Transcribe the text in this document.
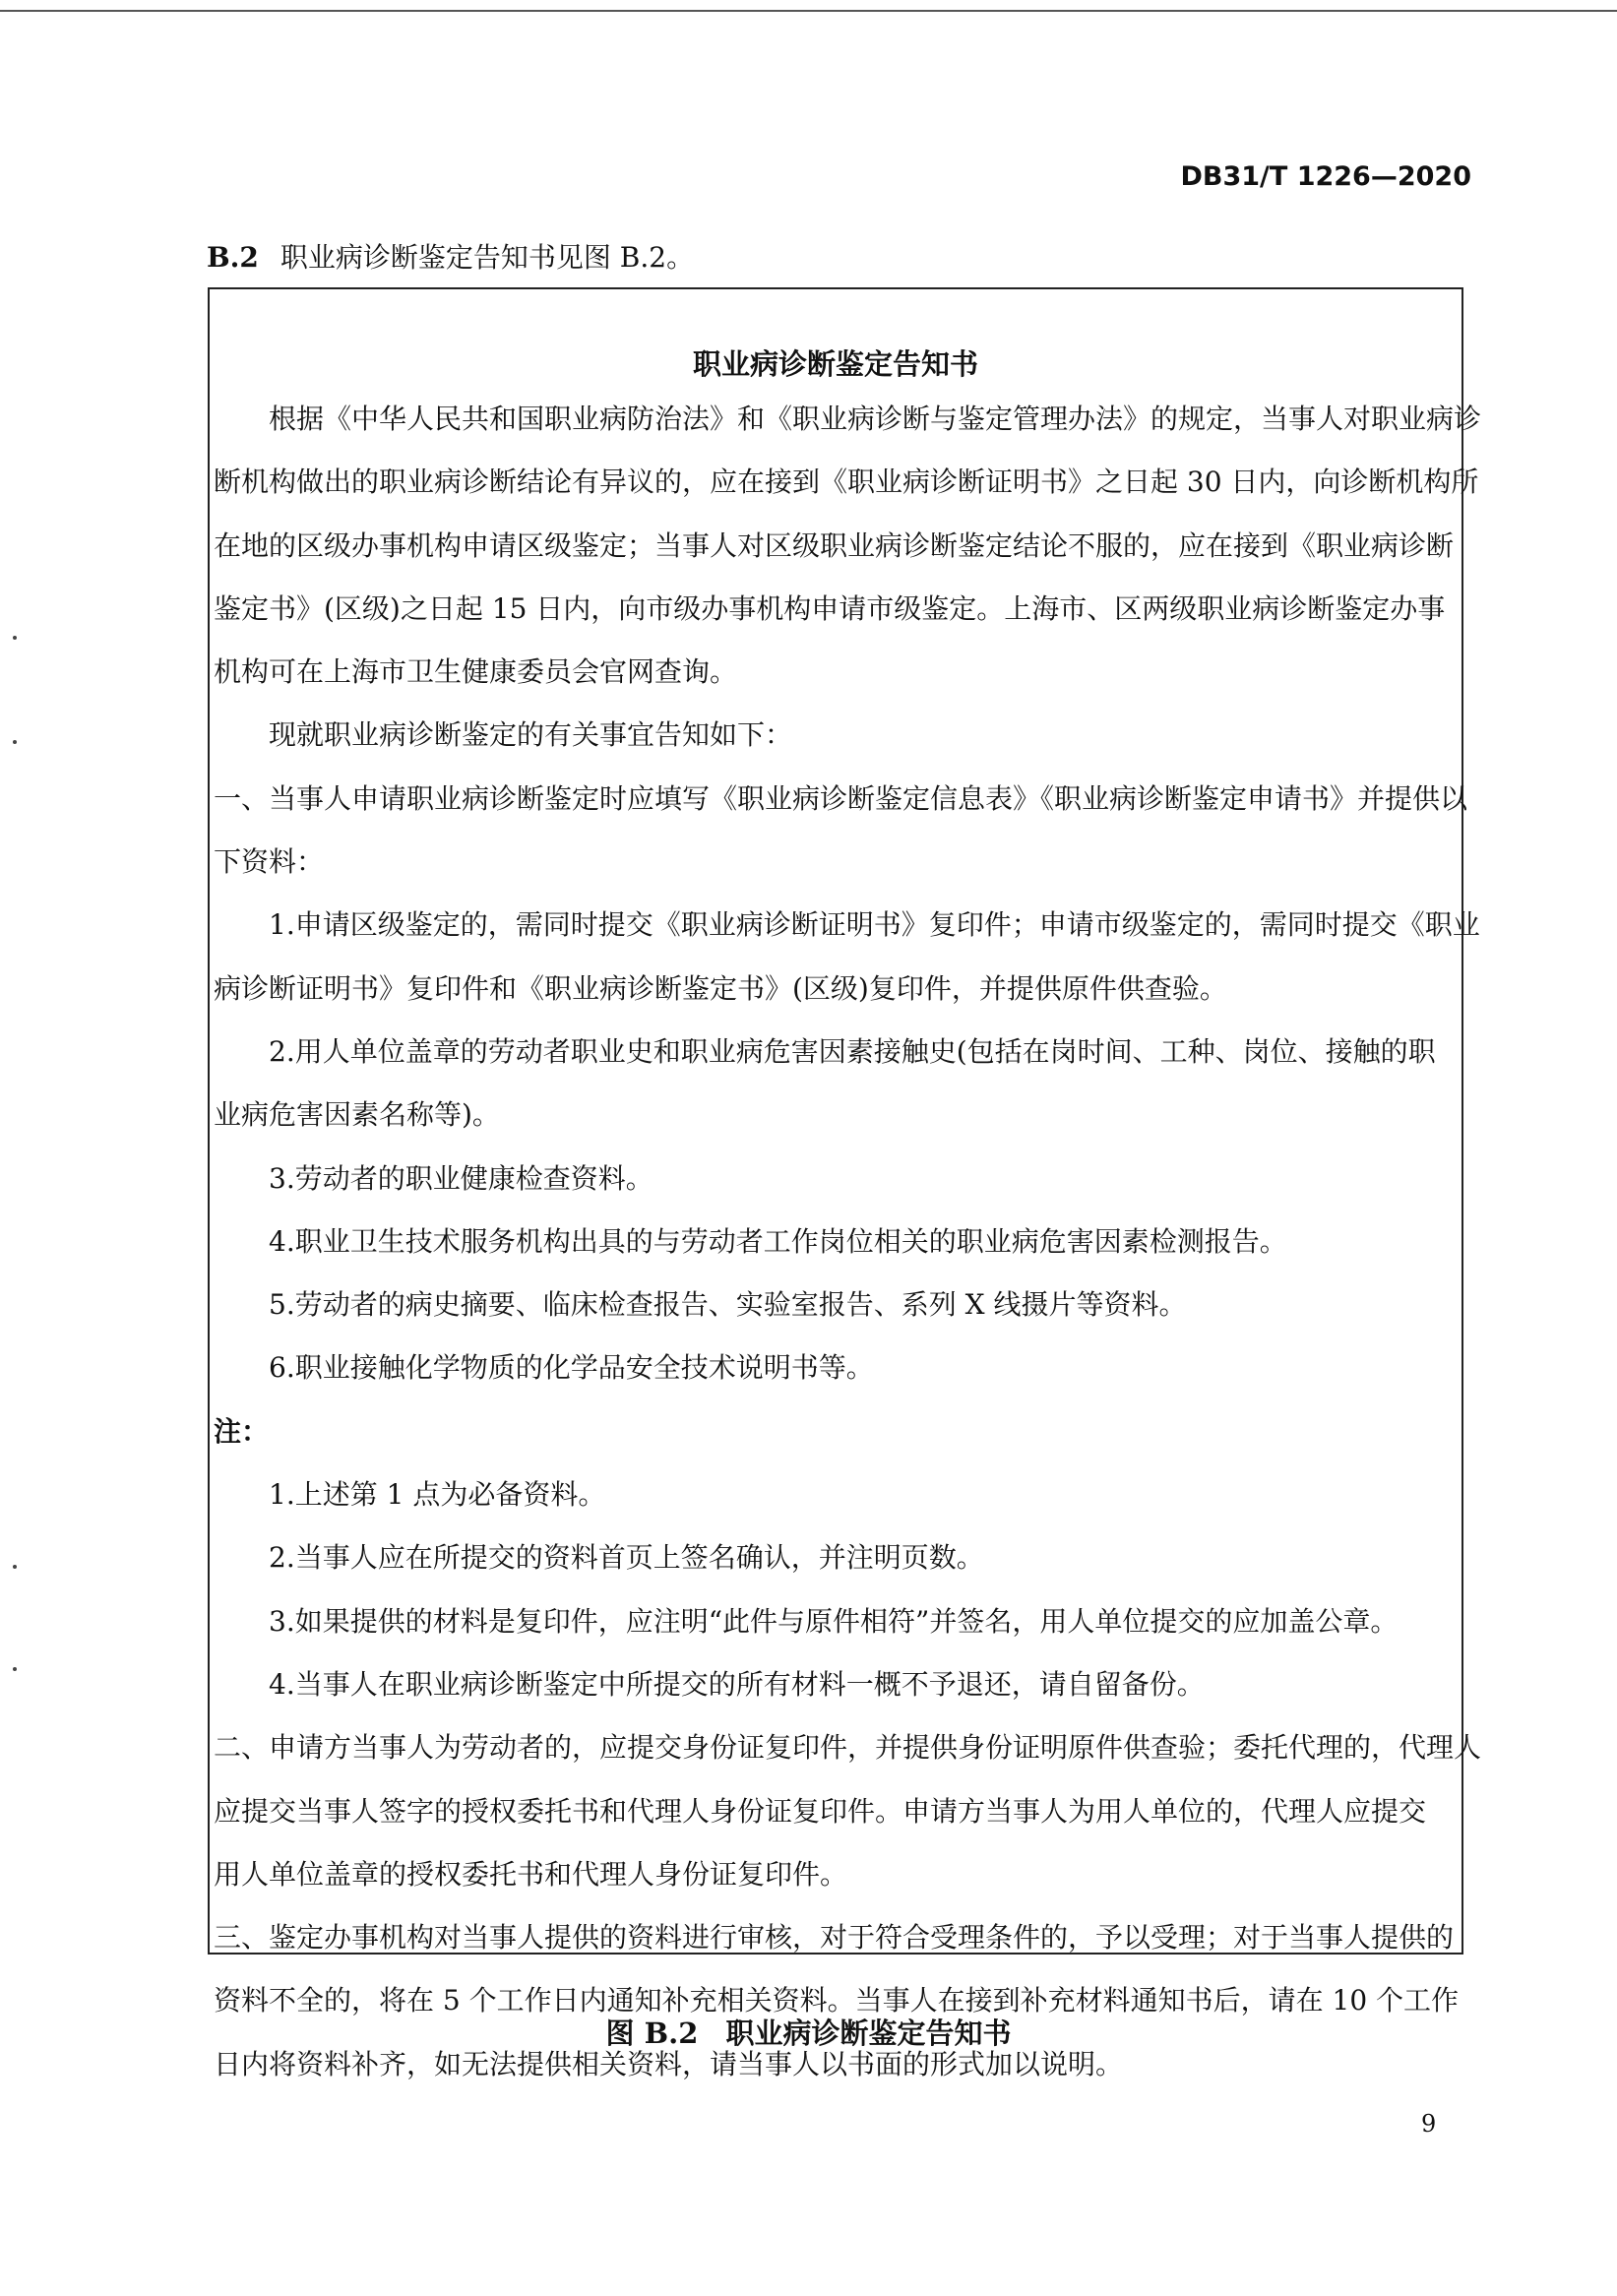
DB31/T 1226—2020
B.2 职业病诊断鉴定告知书见图 B.2。
职业病诊断鉴定告知书
根据《中华人民共和国职业病防治法》和《职业病诊断与鉴定管理办法》的规定，当事人对职业病诊
断机构做出的职业病诊断结论有异议的，应在接到《职业病诊断证明书》之日起 30 日内，向诊断机构所
在地的区级办事机构申请区级鉴定；当事人对区级职业病诊断鉴定结论不服的，应在接到《职业病诊断
鉴定书》(区级)之日起 15 日内，向市级办事机构申请市级鉴定。上海市、区两级职业病诊断鉴定办事
机构可在上海市卫生健康委员会官网查询。
现就职业病诊断鉴定的有关事宜告知如下：
一、当事人申请职业病诊断鉴定时应填写《职业病诊断鉴定信息表》《职业病诊断鉴定申请书》并提供以
下资料：
1.申请区级鉴定的，需同时提交《职业病诊断证明书》复印件；申请市级鉴定的，需同时提交《职业
病诊断证明书》复印件和《职业病诊断鉴定书》(区级)复印件，并提供原件供查验。
2.用人单位盖章的劳动者职业史和职业病危害因素接触史(包括在岗时间、工种、岗位、接触的职
业病危害因素名称等)。
3.劳动者的职业健康检查资料。
4.职业卫生技术服务机构出具的与劳动者工作岗位相关的职业病危害因素检测报告。
5.劳动者的病史摘要、临床检查报告、实验室报告、系列 X 线摄片等资料。
6.职业接触化学物质的化学品安全技术说明书等。
注：
1.上述第 1 点为必备资料。
2.当事人应在所提交的资料首页上签名确认，并注明页数。
3.如果提供的材料是复印件，应注明“此件与原件相符”并签名，用人单位提交的应加盖公章。
4.当事人在职业病诊断鉴定中所提交的所有材料一概不予退还，请自留备份。
二、申请方当事人为劳动者的，应提交身份证复印件，并提供身份证明原件供查验；委托代理的，代理人
应提交当事人签字的授权委托书和代理人身份证复印件。申请方当事人为用人单位的，代理人应提交
用人单位盖章的授权委托书和代理人身份证复印件。
三、鉴定办事机构对当事人提供的资料进行审核，对于符合受理条件的，予以受理；对于当事人提供的
资料不全的，将在 5 个工作日内通知补充相关资料。当事人在接到补充材料通知书后，请在 10 个工作
日内将资料补齐，如无法提供相关资料，请当事人以书面的形式加以说明。
图 B.2 职业病诊断鉴定告知书
9
